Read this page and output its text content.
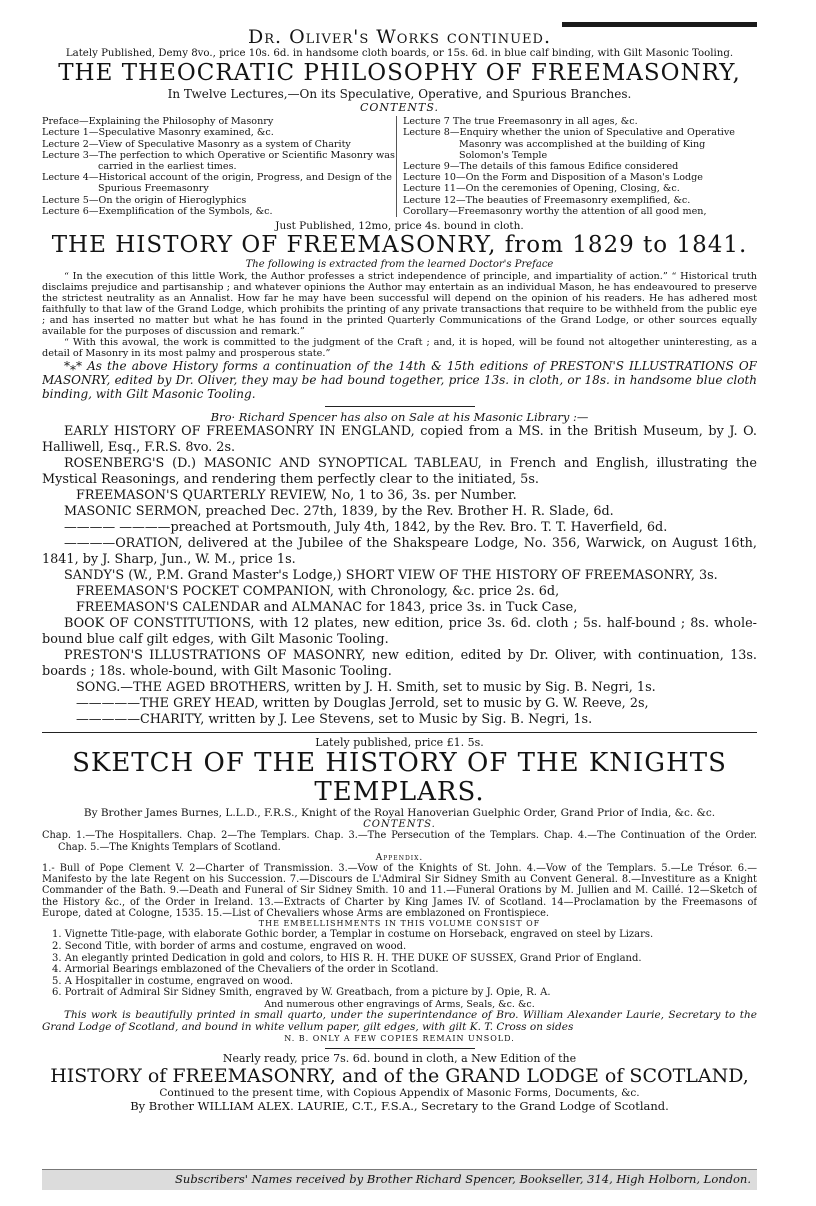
Dr. Oliver's Works continued.
Lately Published, Demy 8vo., price 10s. 6d. in handsome cloth boards, or 15s. 6d. in blue calf binding, with Gilt Masonic Tooling.
THE THEOCRATIC PHILOSOPHY OF FREEMASONRY,
In Twelve Lectures,—On its Speculative, Operative, and Spurious Branches.
CONTENTS.
Preface—Explaining the Philosophy of Masonry
Lecture 1—Speculative Masonry examined, &c.
Lecture 2—View of Speculative Masonry as a system of Charity
Lecture 3—The perfection to which Operative or Scientific Masonry was carried in the earliest times.
Lecture 4—Historical account of the origin, Progress, and Design of the Spurious Freemasonry
Lecture 5—On the origin of Hieroglyphics
Lecture 6—Exemplification of the Symbols, &c.
Lecture 7 The true Freemasonry in all ages, &c.
Lecture 8—Enquiry whether the union of Speculative and Operative Masonry was accomplished at the building of King Solomon's Temple
Lecture 9—The details of this famous Edifice considered
Lecture 10—On the Form and Disposition of a Mason's Lodge
Lecture 11—On the ceremonies of Opening, Closing, &c.
Lecture 12—The beauties of Freemasonry exemplified, &c.
Corollary—Freemasonry worthy the attention of all good men,
Just Published, 12mo, price 4s. bound in cloth.
THE HISTORY OF FREEMASONRY, from 1829 to 1841.
The following is extracted from the learned Doctor's Preface

“ In the execution of this little Work, the Author professes a strict independence of principle, and impartiality of action.” “ Historical truth disclaims prejudice and partisanship ; and whatever opinions the Author may entertain as an individual Mason, he has endeavoured to preserve the strictest neutrality as an Annalist. How far he may have been successful will depend on the opinion of his readers. He has adhered most faithfully to that law of the Grand Lodge, which prohibits the printing of any private transactions that require to be withheld from the public eye ; and has inserted no matter but what he has found in the printed Quarterly Communications of the Grand Lodge, or other sources equally available for the purposes of discussion and remark.”

“ With this avowal, the work is committed to the judgment of the Craft ; and, it is hoped, will be found not altogether uninteresting, as a detail of Masonry in its most palmy and prosperous state.”

*⁎* As the above History forms a continuation of the 14th & 15th editions of PRESTON'S ILLUSTRATIONS OF MASONRY, edited by Dr. Oliver, they may be had bound together, price 13s. in cloth, or 18s. in handsome blue cloth binding, with Gilt Masonic Tooling.

Bro· Richard Spencer has also on Sale at his Masonic Library :—

EARLY HISTORY OF FREEMASONRY IN ENGLAND, copied from a MS. in the British Museum, by J. O. Halliwell, Esq., F.R.S. 8vo. 2s.

ROSENBERG'S (D.) MASONIC AND SYNOPTICAL TABLEAU, in French and English, illustrating the Mystical Reasonings, and rendering them perfectly clear to the initiated, 5s.

FREEMASON'S QUARTERLY REVIEW, No, 1 to 36, 3s. per Number.

MASONIC SERMON, preached Dec. 27th, 1839, by the Rev. Brother H. R. Slade, 6d.

———— ————preached at Portsmouth, July 4th, 1842, by the Rev. Bro. T. T. Haverfield, 6d.

————ORATION, delivered at the Jubilee of the Shakspeare Lodge, No. 356, Warwick, on August 16th, 1841, by J. Sharp, Jun., W. M., price 1s.

SANDY'S (W., P.M. Grand Master's Lodge,) SHORT VIEW OF THE HISTORY OF FREEMASONRY, 3s.

FREEMASON'S POCKET COMPANION, with Chronology, &c. price 2s. 6d,

FREEMASON'S CALENDAR and ALMANAC for 1843, price 3s. in Tuck Case,

BOOK OF CONSTITUTIONS, with 12 plates, new edition, price 3s. 6d. cloth ; 5s. half-bound ; 8s. whole-bound blue calf gilt edges, with Gilt Masonic Tooling.

PRESTON'S ILLUSTRATIONS OF MASONRY, new edition, edited by Dr. Oliver, with continuation, 13s. boards ; 18s. whole-bound, with Gilt Masonic Tooling.

SONG.—THE AGED BROTHERS, written by J. H. Smith, set to music by Sig. B. Negri, 1s.

—————THE GREY HEAD, written by Douglas Jerrold, set to music by G. W. Reeve, 2s,

—————CHARITY, written by J. Lee Stevens, set to Music by Sig. B. Negri, 1s.

Lately published, price £1. 5s.
SKETCH OF THE HISTORY OF THE KNIGHTS TEMPLARS.
By Brother James Burnes, L.L.D., F.R.S., Knight of the Royal Hanoverian Guelphic Order, Grand Prior of India, &c. &c.
CONTENTS.

Chap. 1.—The Hospitallers. Chap. 2—The Templars. Chap. 3.—The Persecution of the Templars. Chap. 4.—The Continuation of the Order. Chap. 5.—The Knights Templars of Scotland.

Appendix.

1.- Bull of Pope Clement V. 2—Charter of Transmission. 3.—Vow of the Knights of St. John. 4.—Vow of the Templars. 5.—Le Trésor. 6.—Manifesto by the late Regent on his Succession. 7.—Discours de L'Admiral Sir Sidney Smith au Convent General. 8.—Investiture as a Knight Commander of the Bath. 9.—Death and Funeral of Sir Sidney Smith. 10 and 11.—Funeral Orations by M. Jullien and M. Caillé. 12—Sketch of the History &c., of the Order in Ireland. 13.—Extracts of Charter by King James IV. of Scotland. 14—Proclamation by the Freemasons of Europe, dated at Cologne, 1535. 15.—List of Chevaliers whose Arms are emblazoned on Frontispiece.

THE EMBELLISHMENTS IN THIS VOLUME CONSIST OF

1. Vignette Title-page, with elaborate Gothic border, a Templar in costume on Horseback, engraved on steel by Lizars.

2. Second Title, with border of arms and costume, engraved on wood.

3. An elegantly printed Dedication in gold and colors, to HIS R. H. THE DUKE OF SUSSEX, Grand Prior of England.

4. Armorial Bearings emblazoned of the Chevaliers of the order in Scotland.

5. A Hospitaller in costume, engraved on wood.

6. Portrait of Admiral Sir Sidney Smith, engraved by W. Greatbach, from a picture by J. Opie, R. A.

And numerous other engravings of Arms, Seals, &c. &c.

This work is beautifully printed in small quarto, under the superintendance of Bro. William Alexander Laurie, Secretary to the Grand Lodge of Scotland, and bound in white vellum paper, gilt edges, with gilt K. T. Cross on sides

N. B. ONLY A FEW COPIES REMAIN UNSOLD.
Nearly ready, price 7s. 6d. bound in cloth, a New Edition of the
HISTORY of FREEMASONRY, and of the GRAND LODGE of SCOTLAND,
Continued to the present time, with Copious Appendix of Masonic Forms, Documents, &c.
By Brother WILLIAM ALEX. LAURIE, C.T., F.S.A., Secretary to the Grand Lodge of Scotland.
Subscribers' Names received by Brother Richard Spencer, Bookseller, 314, High Holborn, London.
